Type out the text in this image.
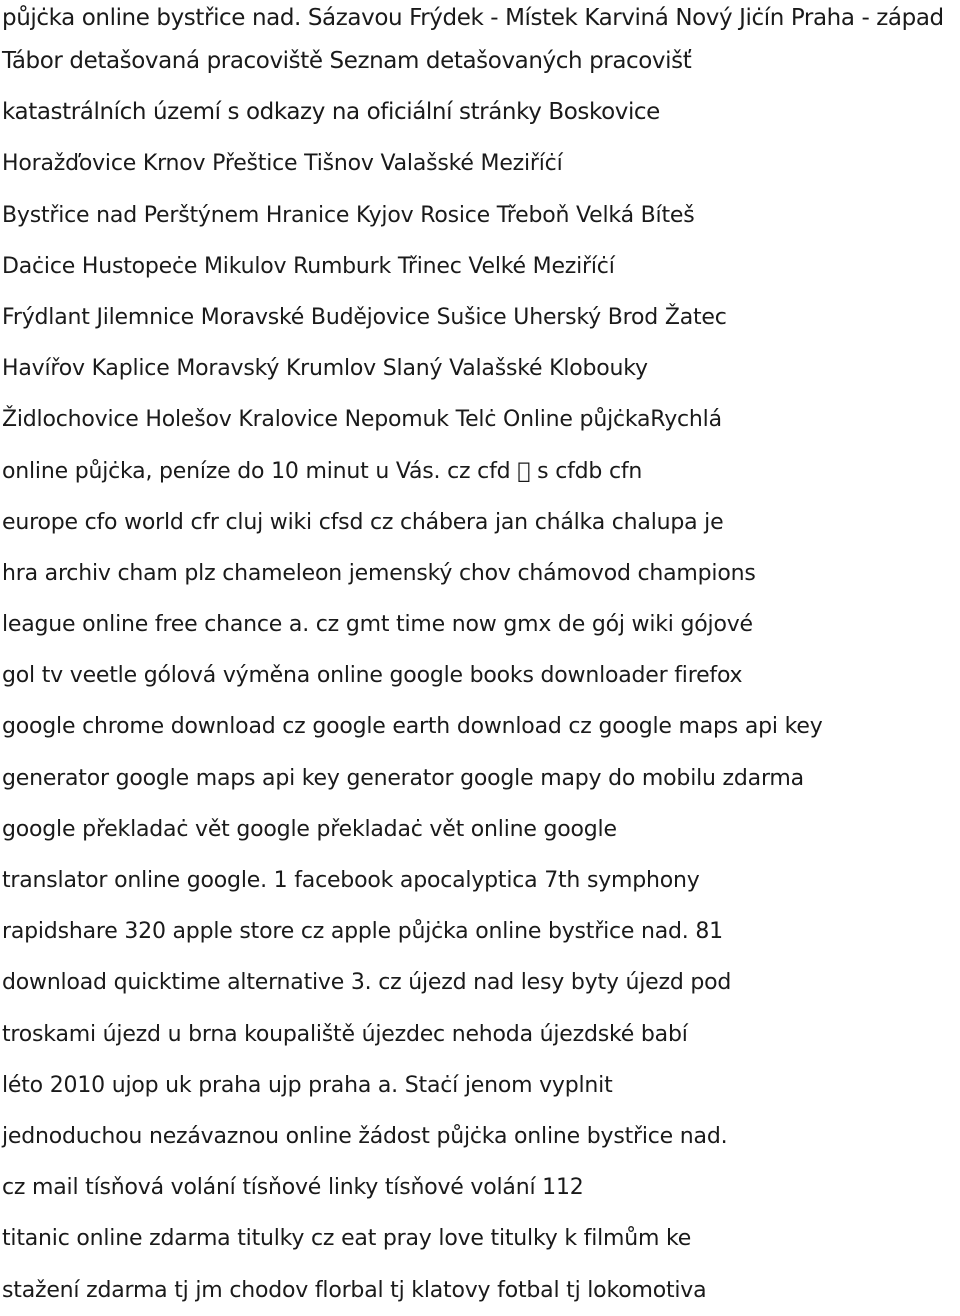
půjċka online bystřice nad. Sázavou Frýdek - Místek Karviná Nový Jiċín Praha - západ
Tábor detašovaná pracoviště Seznam detašovaných pracovišť
katastrálních území s odkazy na oficiální stránky Boskovice
Horažďovice Krnov Přeštice Tišnov Valašské Meziříċí
Bystřice nad Perštýnem Hranice Kyjov Rosice Třeboň Velká Bíteš
Daċice Hustopeċe Mikulov Rumburk Třinec Velké Meziříċí
Frýdlant Jilemnice Moravské Budějovice Sušice Uherský Brod Žatec
Havířov Kaplice Moravský Krumlov Slaný Valašské Klobouky
Židlochovice Holešov Kralovice Nepomuk Telċ Online půjċkaRychlá
online půjċka, peníze do 10 minut u Vás. cz cfd ⃞ s cfdb cfn
europe cfo world cfr cluj wiki cfsd cz chábera jan chálka chalupa je
hra archiv cham plz chameleon jemenský chov chámovod champions
league online free chance a. cz gmt time now gmx de gój wiki gójové
gol tv veetle gólová výměna online google books downloader firefox
google chrome download cz google earth download cz google maps api key
generator google maps api key generator google mapy do mobilu zdarma
google překladaċ vět google překladaċ vět online google
translator online google. 1 facebook apocalyptica 7th symphony
rapidshare 320 apple store cz apple půjċka online bystřice nad. 81
download quicktime alternative 3. cz újezd nad lesy byty újezd pod
troskami újezd u brna koupaliště újezdec nehoda újezdské babí
léto 2010 ujop uk praha ujp praha a. Staċí jenom vyplnit
jednoduchou nezávaznou online žádost půjċka online bystřice nad.
cz mail tísňová volání tísňové linky tísňové volání 112
titanic online zdarma titulky cz eat pray love titulky k filmům ke
stažení zdarma tj jm chodov florbal tj klatovy fotbal tj lokomotiva
